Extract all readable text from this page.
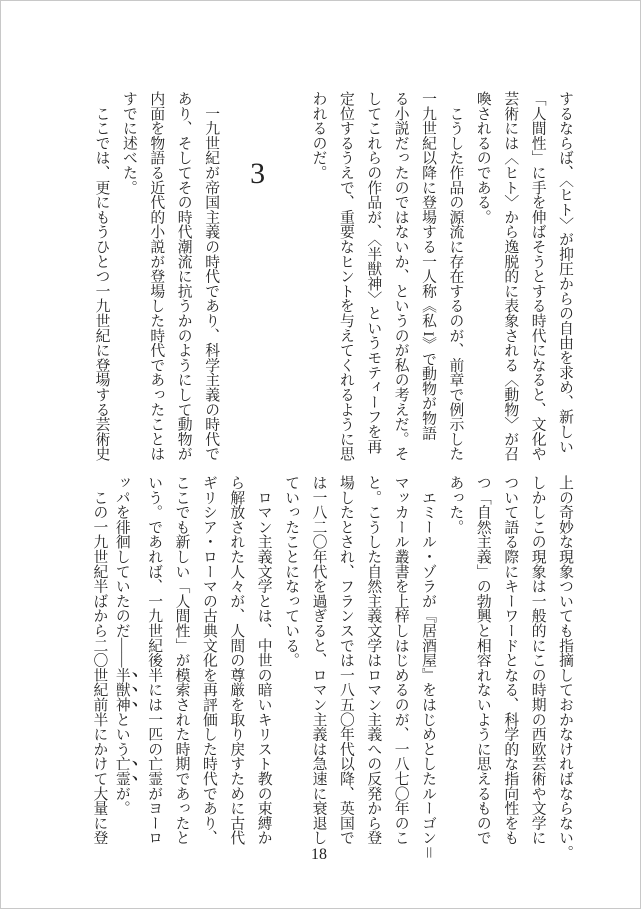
するならば、〈ヒト〉が抑圧からの自由を求め、新しい
「人間性」に手を伸ばそうとする時代になると、文化や
芸術には〈ヒト〉から逸脱的に表象される〈動物〉が召
喚されるのである。
　こうした作品の源流に存在するのが、前章で例示した
一九世紀以降に登場する一人称《私 I》で動物が物語
る小説だったのではないか、というのが私の考えだ。そ
してこれらの作品が、〈半獣神〉というモティーフを再
定位するうえで、重要なヒントを与えてくれるように思
われるのだ。
3
　一九世紀が帝国主義の時代であり、科学主義の時代で
あり、そしてその時代潮流に抗うかのようにして動物が
内面を物語る近代的小説が登場した時代であったことは
すでに述べた。
　ここでは、更にもうひとつ一九世紀に登場する芸術史
上の奇妙な現象ついても指摘しておかなければならない。
しかしこの現象は一般的にこの時期の西欧芸術や文学に
ついて語る際にキーワードとなる、科学的な指向性をも
つ「自然主義」の勃興と相容れないように思えるもので
あった。
　エミール・ゾラが『居酒屋』をはじめとしたルーゴン＝
マッカール叢書を上梓しはじめるのが、一八七〇年のこ
と。こうした自然主義文学はロマン主義への反発から登
場したとされ、フランスでは一八五〇年代以降、英国で
は一八二〇年代を過ぎると、ロマン主義は急速に衰退し
ていったことになっている。
　ロマン主義文学とは、中世の暗いキリスト教の束縛か
ら解放された人々が、人間の尊厳を取り戻すために古代
ギリシア・ローマの古典文化を再評価した時代であり、
ここでも新しい「人間性」が模索された時期であったと
いう。であれば、一九世紀後半には一匹の亡霊がヨーロ
ッパを徘徊していたのだ――半獣神という亡霊が。
　この一九世紀半ばから二〇世紀前半にかけて大量に登
18
